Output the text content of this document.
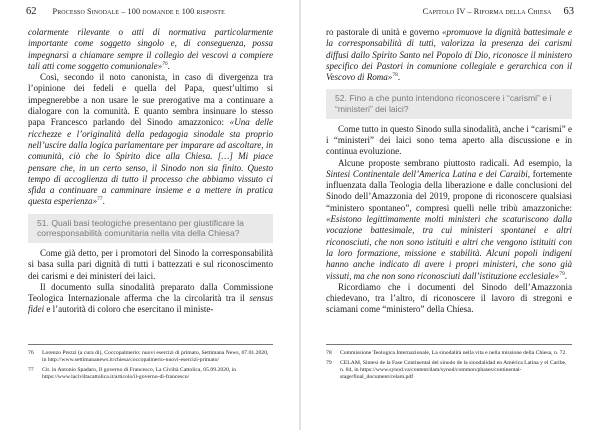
62 Processo Sinodale – 100 domande e 100 risposte

colarmente rilevante o atti di normativa particolarmente importante come soggetto singolo e, di conseguenza, possa impegnarsi a chiamare sempre il collegio dei vescovi a compiere tali atti come soggetto comunionale»$^{76}$.

Così, secondo il noto canonista, in caso di divergenza tra l’opinione dei fedeli e quella del Papa, quest’ultimo si impegnerebbe a non usare le sue prerogative ma a continuare a dialogare con la comunità. E quanto sembra insinuare lo stesso papa Francesco parlando del Sinodo amazzonico: «Una delle ricchezze e l’originalità della pedagogia sinodale sta proprio nell’uscire dalla logica parlamentare per imparare ad ascoltare, in comunità, ciò che lo Spirito dice alla Chiesa. […] Mi piace pensare che, in un certo senso, il Sinodo non sia finito. Questo tempo di accoglienza di tutto il processo che abbiamo vissuto ci sfida a continuare a camminare insieme e a mettere in pratica questa esperienza»$^{77}$.

51. Quali basi teologiche presentano per giustificare la corresponsabilità comunitaria nella vita della Chiesa?

Come già detto, per i promotori del Sinodo la corresponsabilità si basa sulla pari dignità di tutti i battezzati e sul riconoscimento dei carismi e dei ministeri dei laici.

Il documento sulla sinodalità preparato dalla Commissione Teologica Internazionale afferma che la circolarità tra il sensus fidei e l’autorità di coloro che esercitano il ministe-

76	Lorenzo Prezzi (a cura di), Coccopalmerio: nuovi esercizi di primato, Settimana News, 07.01.2020, in http://www.settimananews.it/chiesa/coccopalmerio-nuovi-esercizi-primato/
77	Cit. in Antonio Spadaro, Il governo di Francesco, La Civiltà Cattolica, 05.09.2020, in https://www.laciviltacattolica.it/articolo/il-governo-di-francesco/
Capitolo IV – Riforma della Chiesa 63

ro pastorale di unità e governo «promuove la dignità battesimale e la corresponsabilità di tutti, valorizza la presenza dei carismi diffusi dallo Spirito Santo nel Popolo di Dio, riconosce il ministero specifico dei Pastori in comunione collegiale e gerarchica con il Vescovo di Roma»$^{78}$.

52. Fino a che punto intendono riconoscere i “carismi” e i “ministeri” dei laici?

Come tutto in questo Sinodo sulla sinodalità, anche i “carismi” e i “ministeri” dei laici sono tema aperto alla discussione e in continua evoluzione.

Alcune proposte sembrano piuttosto radicali. Ad esempio, la Sintesi Continentale dell’America Latina e dei Caraibi, fortemente influenzata dalla Teologia della liberazione e dalle conclusioni del Sinodo dell’Amazzonia del 2019, propone di riconoscere qualsiasi “ministero spontaneo”, compresi quelli nelle tribù amazzoniche: «Esistono legittimamente molti ministeri che scaturiscono dalla vocazione battesimale, tra cui ministeri spontanei e altri riconosciuti, che non sono istituiti e altri che vengono istituiti con la loro formazione, missione e stabilità. Alcuni popoli indigeni hanno anche indicato di avere i propri ministeri, che sono già vissuti, ma che non sono riconosciuti dall’istituzione ecclesiale»$^{79}$.

Ricordiamo che i documenti del Sinodo dell’Amazzonia chiedevano, tra l’altro, di riconoscere il lavoro di stregoni e sciamani come “ministero” della Chiesa.

78	Commissione Teologica Internazionale, La sinodalità nella vita e nella missione della Chiesa, n. 72.
79	CELAM, Sintesi de la Fase Continental del sinodo de la sinodalidad en América Latina y el Caribe, n. 84, in https://www.synod.va/content/dam/synod/common/phases/continental-stage/final_document/celam.pdf
